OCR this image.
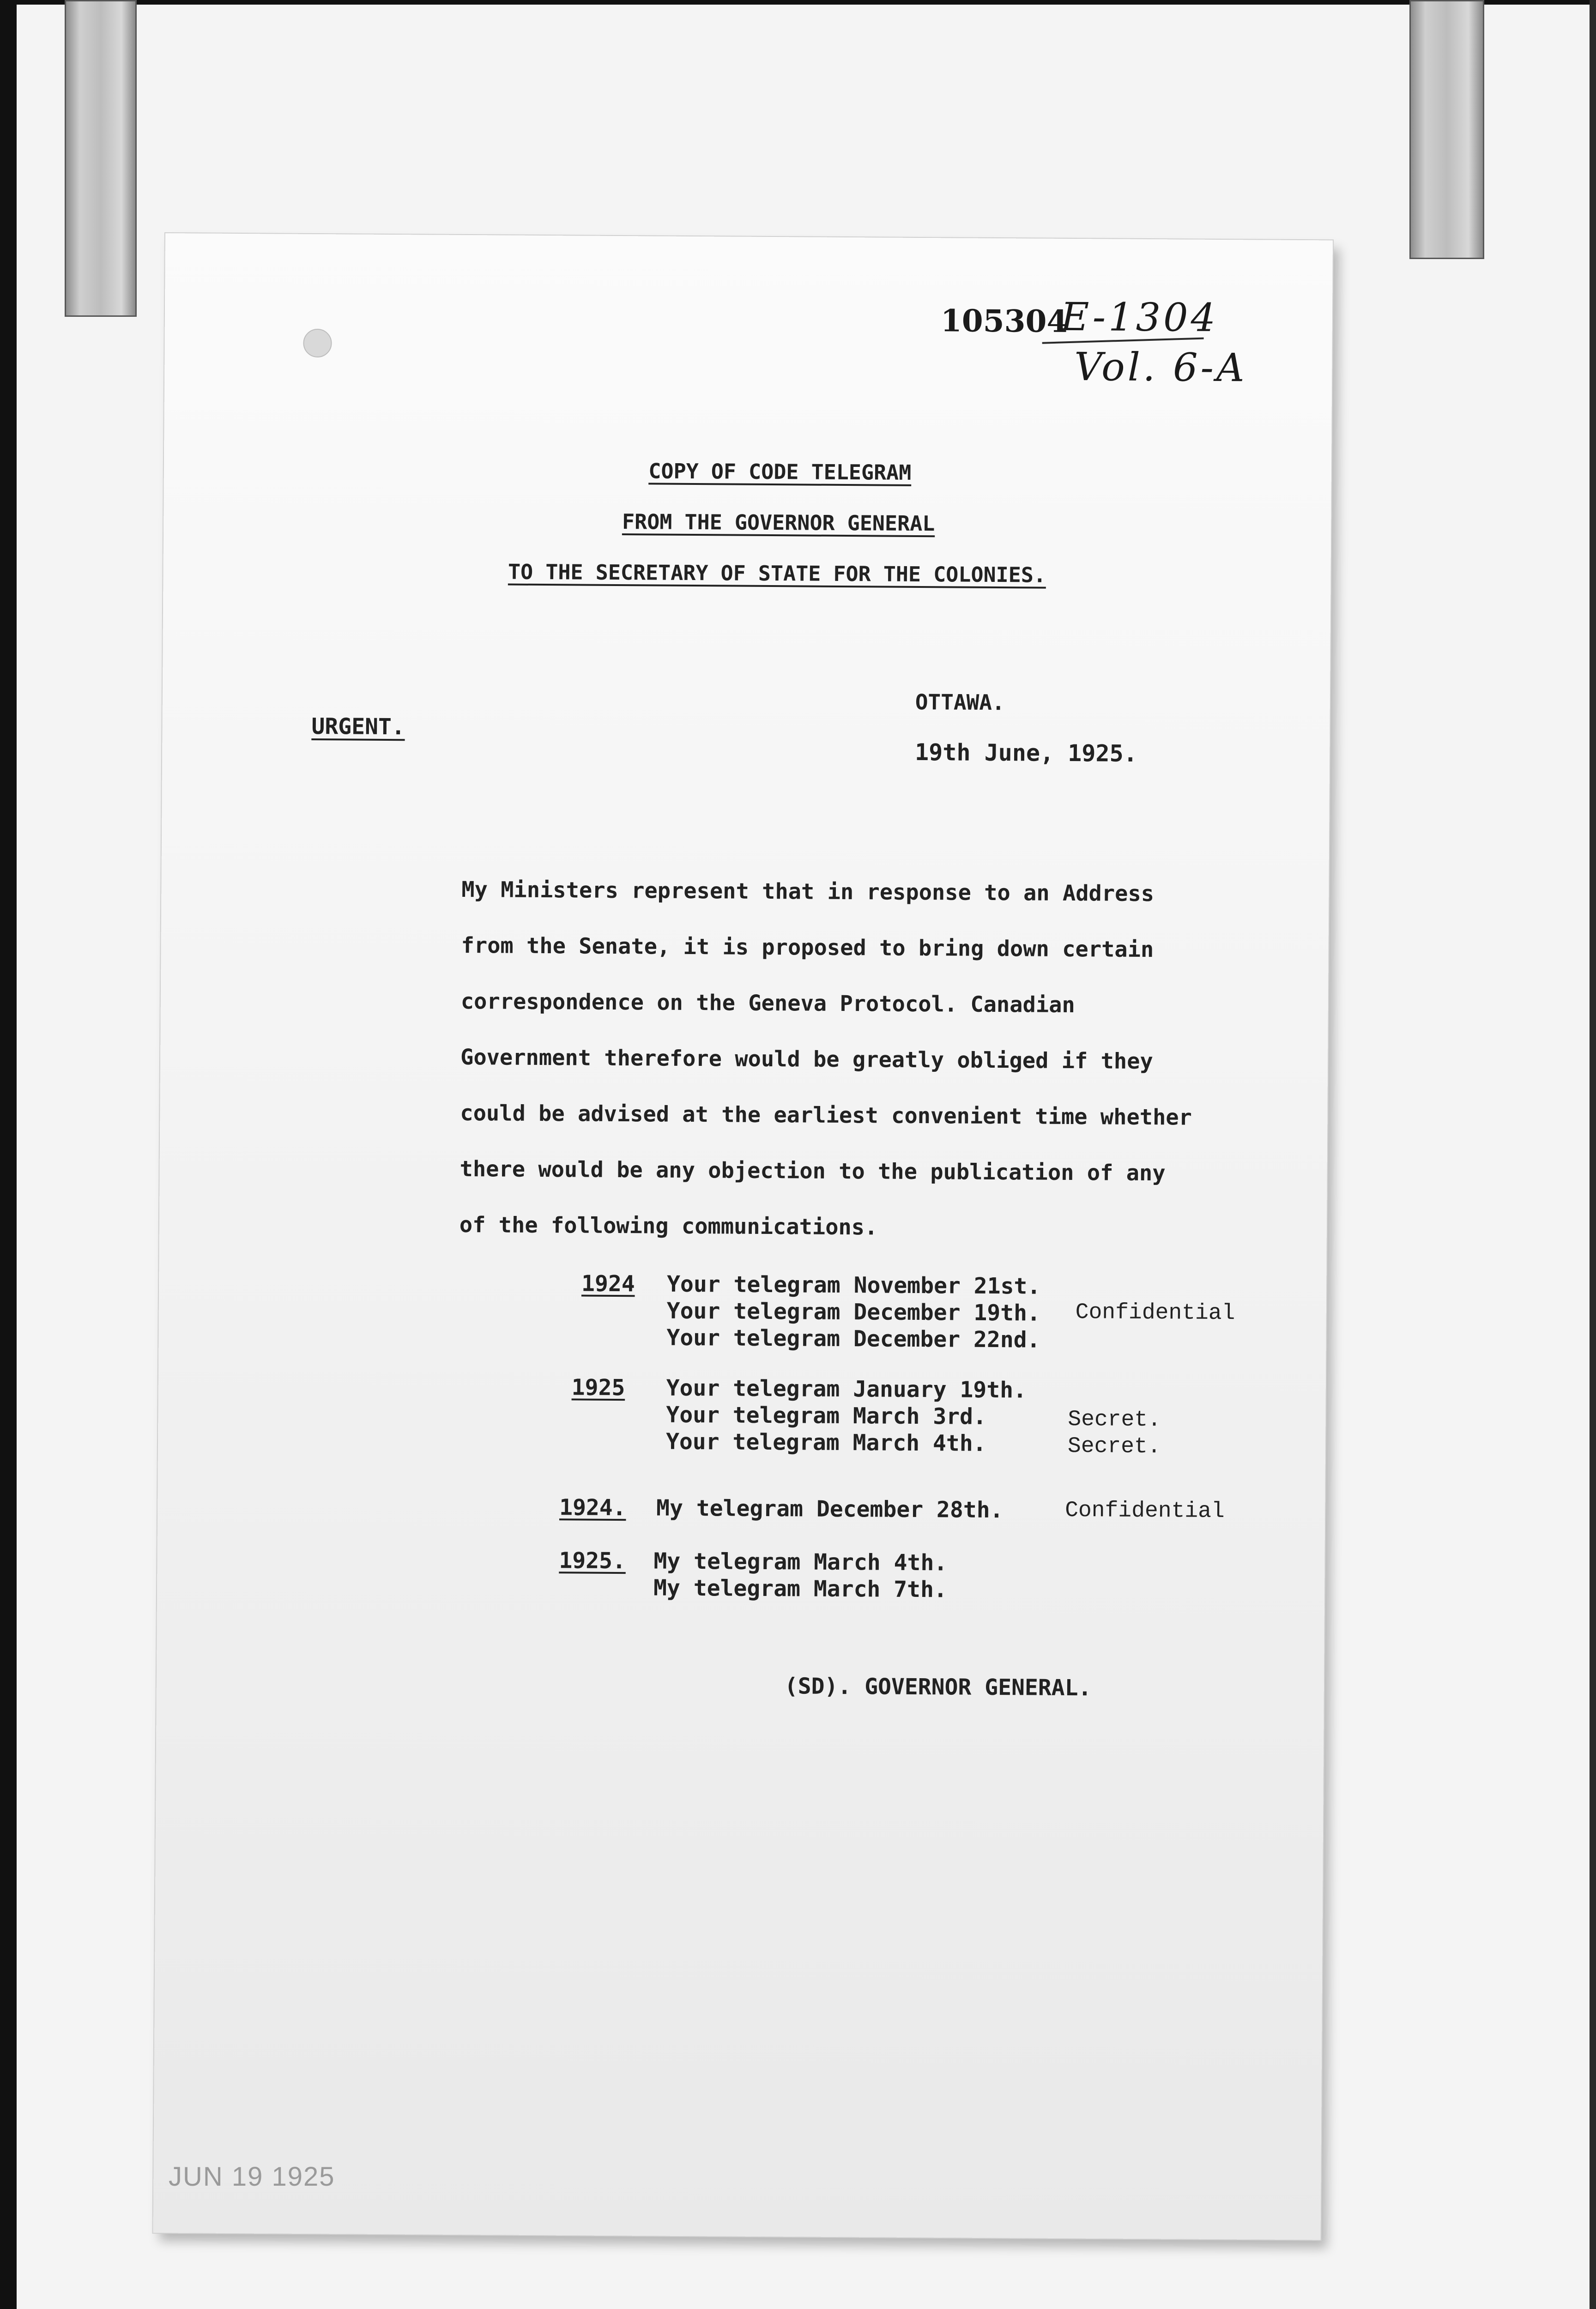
105304
E-1304
Vol. 6-A
COPY OF CODE TELEGRAM
FROM THE GOVERNOR GENERAL
TO THE SECRETARY OF STATE FOR THE COLONIES.
URGENT.
OTTAWA.
19th June, 1925.

My Ministers represent that in response to an Address

from the Senate, it is proposed to bring down certain

correspondence on the Geneva Protocol. Canadian

Government therefore would be greatly obliged if they

could be advised at the earliest convenient time whether

there would be any objection to the publication of any

of the following communications.

1924 Your telegram November 21st.
Your telegram December 19th.
Your telegram December 22nd.
Confidential
1925 Your telegram January 19th.
Your telegram March 3rd.
Your telegram March 4th.
Secret.
Secret.
1924. My telegram December 28th.	Confidential
1925. My telegram March 4th.
My telegram March 7th.
(SD). GOVERNOR GENERAL.
JUN 19 1925
